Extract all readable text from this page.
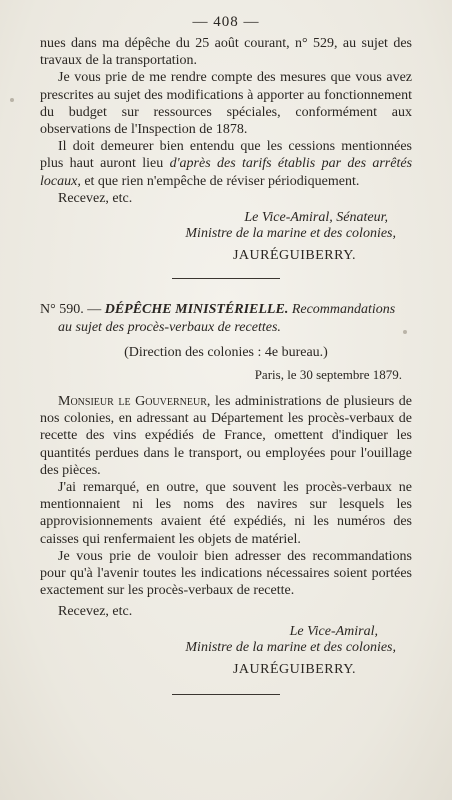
— 408 —

nues dans ma dépêche du 25 août courant, n° 529, au sujet des travaux de la transportation.

Je vous prie de me rendre compte des mesures que vous avez prescrites au sujet des modifications à apporter au fonctionnement du budget sur ressources spéciales, conformément aux observations de l'Inspection de 1878.

Il doit demeurer bien entendu que les cessions mentionnées plus haut auront lieu d'après des tarifs établis par des arrêtés locaux, et que rien n'empêche de réviser périodiquement.

Recevez, etc.

Le Vice-Amiral, Sénateur,
Ministre de la marine et des colonies,
JAURÉGUIBERRY.
N° 590. — DÉPÊCHE MINISTÉRIELLE. Recommandations
au sujet des procès-verbaux de recettes.
(Direction des colonies : 4e bureau.)
Paris, le 30 septembre 1879.

Monsieur le Gouverneur, les administrations de plusieurs de nos colonies, en adressant au Département les procès-verbaux de recette des vins expédiés de France, omettent d'indiquer les quantités perdues dans le transport, ou employées pour l'ouillage des pièces.

J'ai remarqué, en outre, que souvent les procès-verbaux ne mentionnaient ni les noms des navires sur lesquels les approvisionnements avaient été expédiés, ni les numéros des caisses qui renfermaient les objets de matériel.

Je vous prie de vouloir bien adresser des recommandations pour qu'à l'avenir toutes les indications nécessaires soient portées exactement sur les procès-verbaux de recette.

Recevez, etc.

Le Vice-Amiral,
Ministre de la marine et des colonies,
JAURÉGUIBERRY.
